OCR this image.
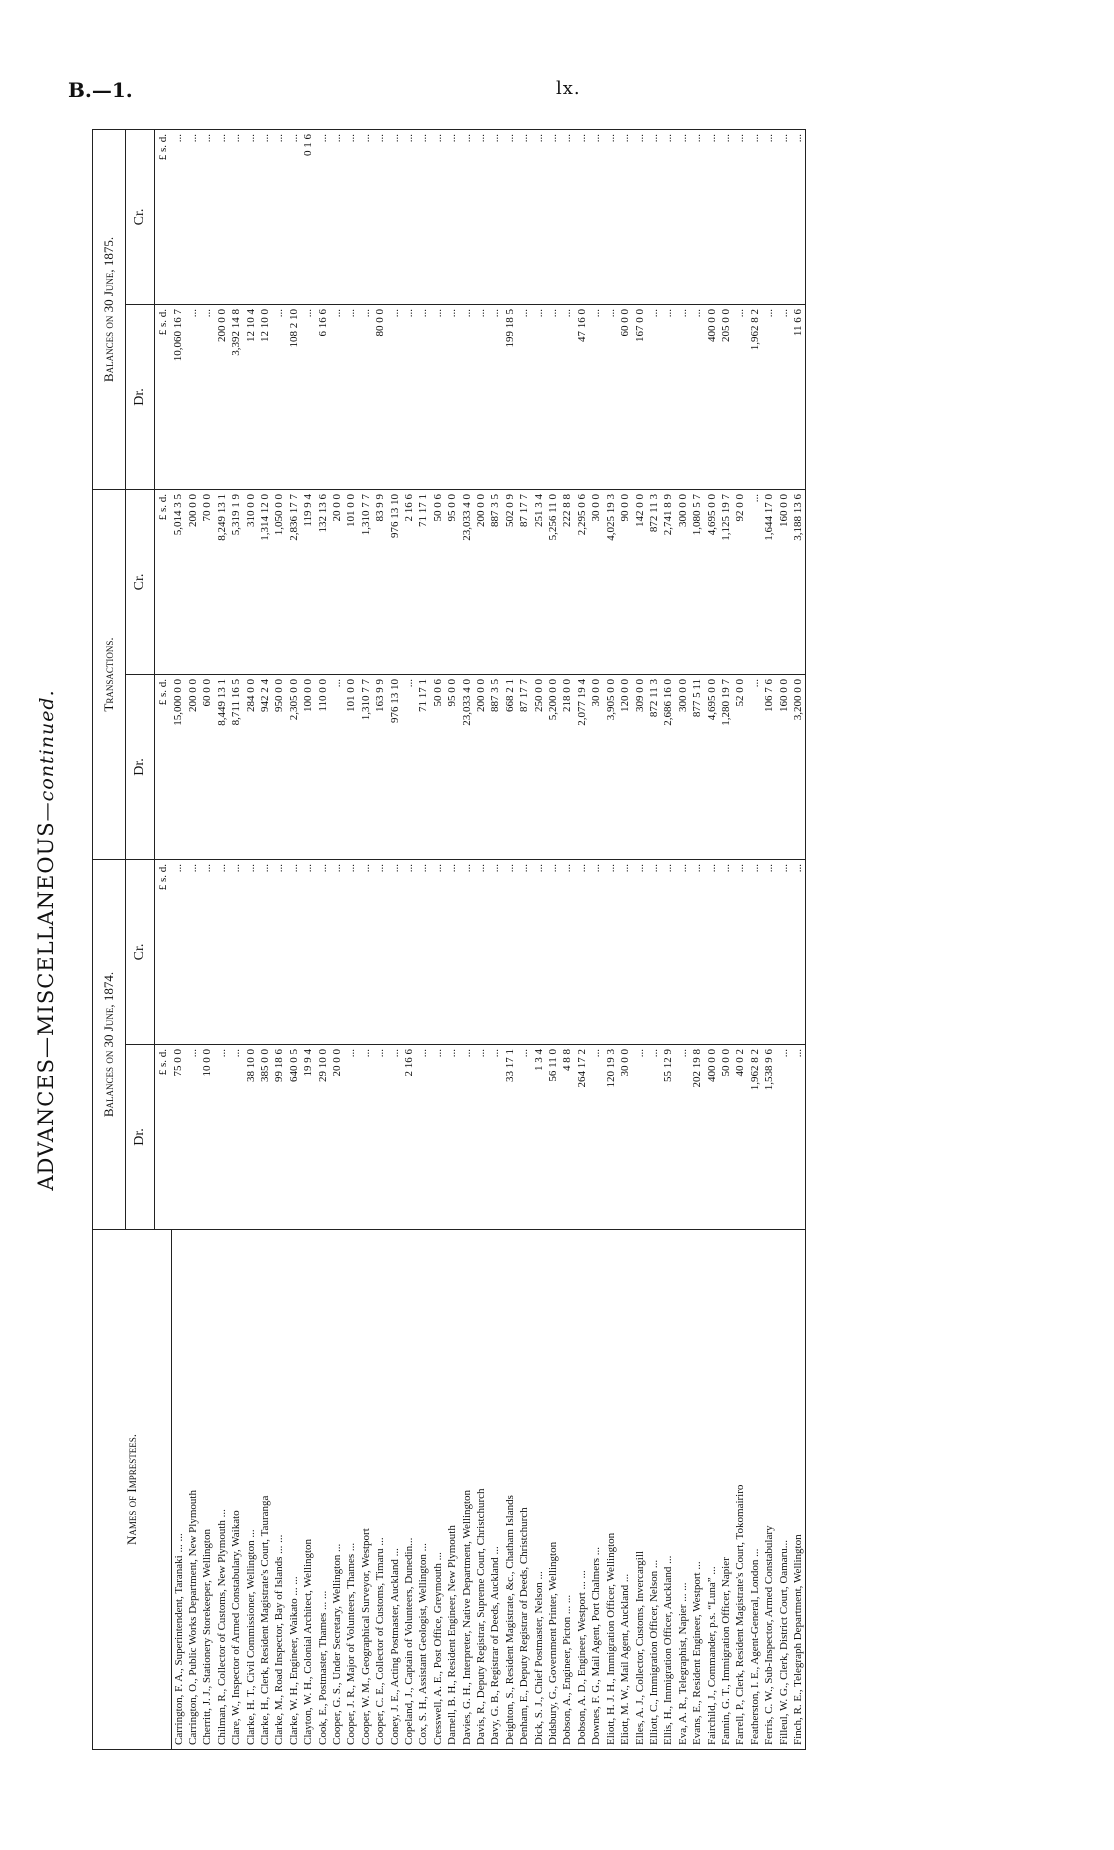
B.—1.	lx.
ADVANCES—MISCELLANEOUS—continued.
Names of Imprestees.	Balances on 30 June, 1874.		Transactions.		Balances on 30 June, 1875.	
	Dr.	Cr.	Dr.	Cr.	Dr.	Cr.
	£ s. d.	£ s. d.	£ s. d.	£ s. d.	£ s. d.	£ s. d.
Carrington, F. A., Superintendent, Taranaki ... ...	75 0 0	...	15,000 0 0	5,014 3 5	10,060 16 7	...
Carrington, O., Public Works Department, New Plymouth	...	...	200 0 0	200 0 0	...	...
Cherritt, J. J., Stationery Storekeeper, Wellington	10 0 0	...	60 0 0	70 0 0	...	...
Chilman, R., Collector of Customs, New Plymouth ...	...	...	8,449 13 1	8,249 13 1	200 0 0	...
Clare, W., Inspector of Armed Constabulary, Waikato	...	...	8,711 16 5	5,319 1 9	3,392 14 8	...
Clarke, H. T., Civil Commissioner, Wellington ...	38 10 0	...	284 0 0	310 0 0	12 10 4	...
Clarke, H., Clerk, Resident Magistrate's Court, Tauranga	385 0 0	...	942 2 4	1,314 12 0	12 10 0	...
Clarke, M., Road Inspector, Bay of Islands ... ...	99 18 6	...	950 0 0	1,050 0 0	...	...
Clarke, W. H., Engineer, Waikato ... ...	640 0 5	...	2,305 0 0	2,836 17 7	108 2 10	...
Clayton, W. H., Colonial Architect, Wellington	19 9 4	...	100 0 0	119 9 4	...	0 1 6
Cook, E., Postmaster, Thames ... ...	29 10 0	...	110 0 0	132 13 6	6 16 6	...
Cooper, G. S., Under Secretary, Wellington ...	20 0 0	...	...	20 0 0	...	...
Cooper, J. R., Major of Volunteers, Thames ...	...	...	101 0 0	101 0 0	...	...
Cooper, W. M., Geographical Surveyor, Westport	...	...	1,310 7 7	1,310 7 7	...	...
Cooper, C. E., Collector of Customs, Timaru ...	...	...	163 9 9	83 9 9	80 0 0	...
Coney, J. E., Acting Postmaster, Auckland ...	...	...	976 13 10	976 13 10	...	...
Copeland, J., Captain of Volunteers, Dunedin...	2 16 6	...	...	2 16 6	...	...
Cox, S. H., Assistant Geologist, Wellington ...	...	...	71 17 1	71 17 1	...	...
Cresswell, A. E., Post Office, Greymouth ...	...	...	50 0 6	50 0 6	...	...
Darnell, B. H., Resident Engineer, New Plymouth	...	...	95 0 0	95 0 0	...	...
Davies, G. H., Interpreter, Native Department, Wellington	...	...	23,033 4 0	23,033 4 0	...	...
Davis, R., Deputy Registrar, Supreme Court, Christchurch	...	...	200 0 0	200 0 0	...	...
Davy, G. B., Registrar of Deeds, Auckland ...	...	...	887 3 5	887 3 5	...	...
Deighton, S., Resident Magistrate, &c., Chatham Islands	33 17 1	...	668 2 1	502 0 9	199 18 5	...
Denham, E., Deputy Registrar of Deeds, Christchurch	...	...	87 17 7	87 17 7	...	...
Dick, S. J., Chief Postmaster, Nelson ...	1 3 4	...	250 0 0	251 3 4	...	...
Didsbury, G., Government Printer, Wellington	56 11 0	...	5,200 0 0	5,256 11 0	...	...
Dobson, A., Engineer, Picton ... ...	4 8 8	...	218 0 0	222 8 8	...	...
Dobson, A. D., Engineer, Westport ... ...	264 17 2	...	2,077 19 4	2,295 0 6	47 16 0	...
Downes, F. G., Mail Agent, Port Chalmers ...	...	...	30 0 0	30 0 0	...	...
Eliott, H. J. H., Immigration Officer, Wellington	120 19 3	...	3,905 0 0	4,025 19 3	...	...
Eliott, M. W., Mail Agent, Auckland ...	30 0 0	...	120 0 0	90 0 0	60 0 0	...
Elles, A. J., Collector, Customs, Invercargill	...	...	309 0 0	142 0 0	167 0 0	...
Elliott, C., Immigration Officer, Nelson ...	...	...	872 11 3	872 11 3	...	...
Ellis, H., Immigration Officer, Auckland ...	55 12 9	...	2,686 16 0	2,741 8 9	...	...
Eva, A. R., Telegraphist, Napier ... ...	...	...	300 0 0	300 0 0	...	...
Evans, E., Resident Engineer, Westport ...	202 19 8	...	877 5 11	1,080 5 7	...	...
Fairchild, J., Commander, p.s. “Luna” ...	400 0 0	...	4,695 0 0	4,695 0 0	400 0 0	...
Fannin, G. T., Immigration Officer, Napier	50 0 0	...	1,280 19 7	1,125 19 7	205 0 0	...
Farrell, P., Clerk, Resident Magistrate's Court, Tokomairiro	40 0 2	...	52 0 0	92 0 0	...	...
Featherston, I. E., Agent-General, London ...	1,962 8 2	...	...	...	1,962 8 2	...
Ferris, C. W., Sub-Inspector, Armed Constabulary	1,538 9 6	...	106 7 6	1,644 17 0	...	...
Filleul, W. G., Clerk, District Court, Oamaru...	...	...	160 0 0	160 0 0	...	...
Finch, R. E., Telegraph Department, Wellington	...	...	3,200 0 0	3,188 13 6	11 6 6	...
